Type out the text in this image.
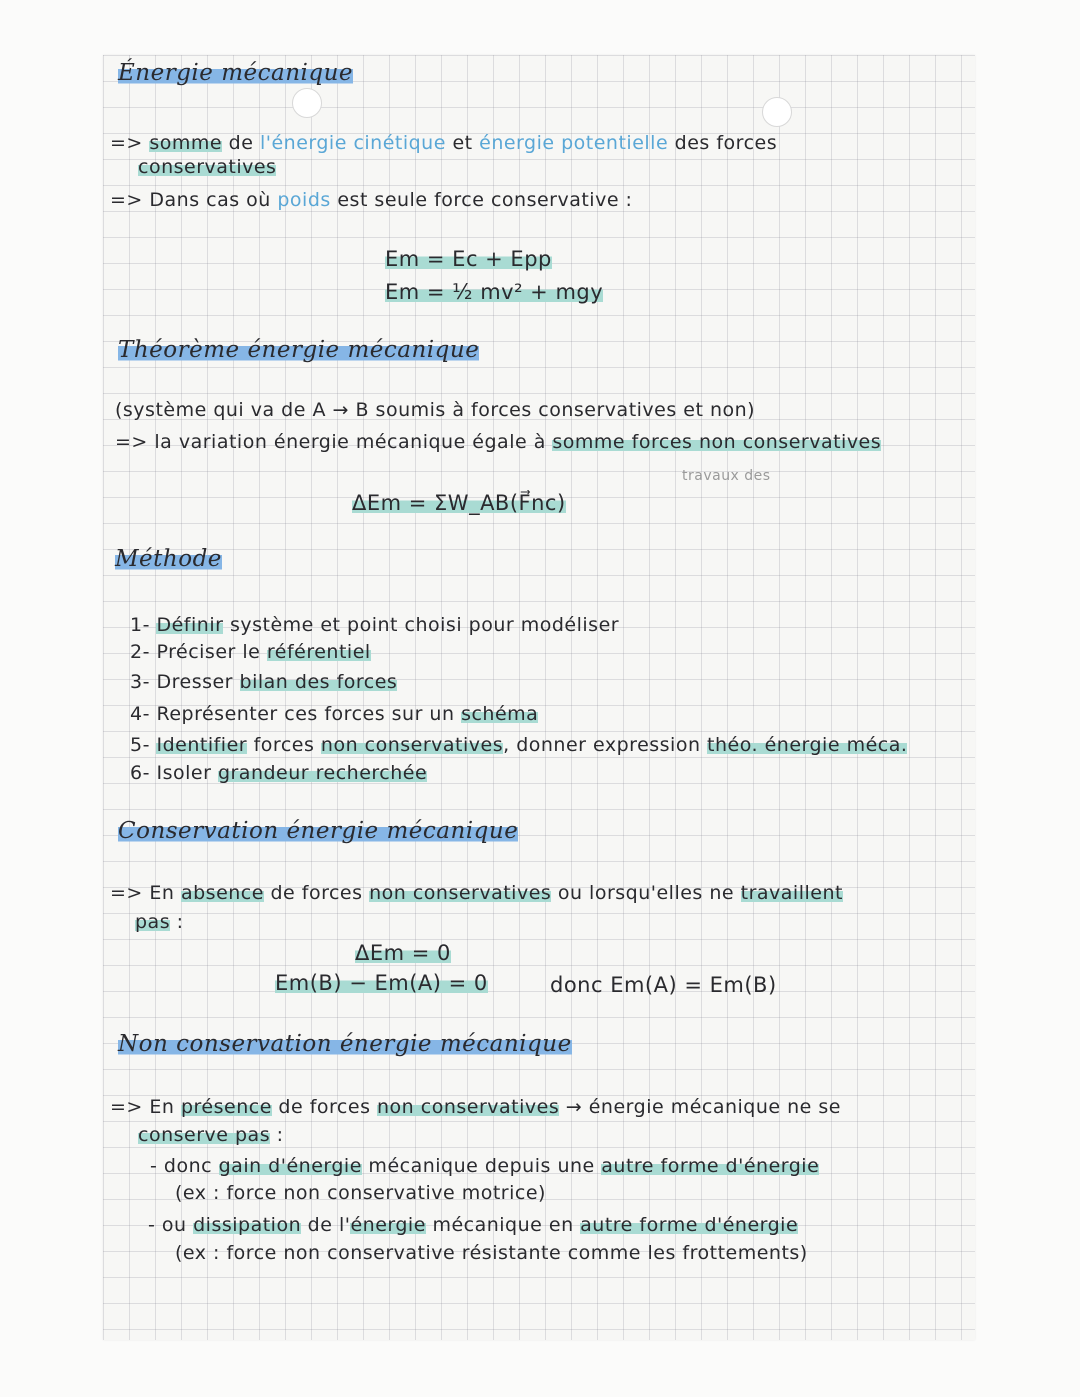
Énergie mécanique
=> somme de l'énergie cinétique et énergie potentielle des forces
conservatives
=> Dans cas où poids est seule force conservative :
Em = Ec + Epp
Em = ½ mv² + mgy
Théorème énergie mécanique
(système qui va de A → B soumis à forces conservatives et non)
=> la variation énergie mécanique égale à somme forces non conservatives
travaux des
ΔEm = ΣW_AB(F⃗nc)
Méthode
1- Définir système et point choisi pour modéliser
2- Préciser le référentiel
3- Dresser bilan des forces
4- Représenter ces forces sur un schéma
5- Identifier forces non conservatives, donner expression théo. énergie méca.
6- Isoler grandeur recherchée
Conservation énergie mécanique
=> En absence de forces non conservatives ou lorsqu'elles ne travaillent
pas :
ΔEm = 0
Em(B) − Em(A) = 0	donc Em(A) = Em(B)
Non conservation énergie mécanique
=> En présence de forces non conservatives → énergie mécanique ne se
conserve pas :
- donc gain d'énergie mécanique depuis une autre forme d'énergie
(ex : force non conservative motrice)
- ou dissipation de l'énergie mécanique en autre forme d'énergie
(ex : force non conservative résistante comme les frottements)
